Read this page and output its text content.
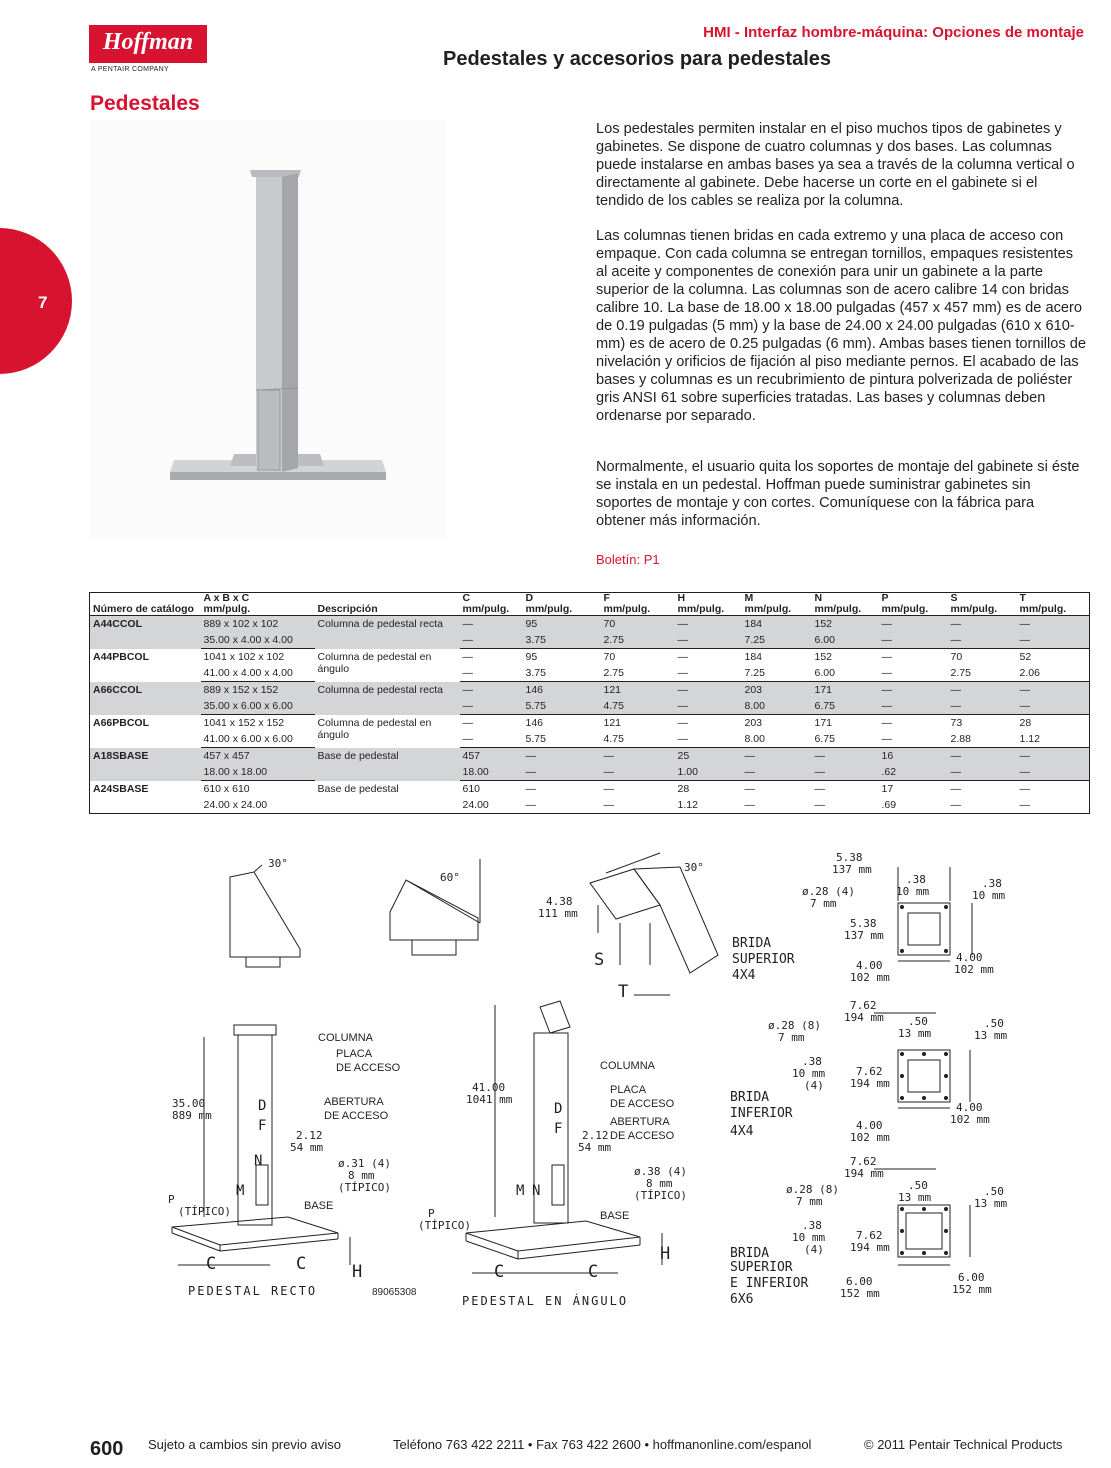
Hoffman
A PENTAIR COMPANY
HMI - Interfaz hombre-máquina: Opciones de montaje
Pedestales y accesorios para pedestales
Pedestales
7
Los pedestales permiten instalar en el piso muchos tipos de gabinetes y gabinetes. Se dispone de cuatro columnas y dos bases. Las columnas puede instalarse en ambas bases ya sea a través de la columna vertical o directamente al gabinete. Debe hacerse un corte en el gabinete si el tendido de los cables se realiza por la columna.
Las columnas tienen bridas en cada extremo y una placa de acceso con empaque. Con cada columna se entregan tornillos, empaques resistentes al aceite y componentes de conexión para unir un gabinete a la parte superior de la columna. Las columnas son de acero calibre 14 con bridas calibre 10. La base de 18.00 x 18.00 pulgadas (457 x 457 mm) es de acero de 0.19 pulgadas (5 mm) y la base de 24.00 x 24.00 pulgadas (610 x 610-mm) es de acero de 0.25 pulgadas (6 mm). Ambas bases tienen tornillos de nivelación y orificios de fijación al piso mediante pernos. El acabado de las bases y columnas es un recubrimiento de pintura polverizada de poliéster gris ANSI 61 sobre superficies tratadas. Las bases y columnas deben ordenarse por separado.
Normalmente, el usuario quita los soportes de montaje del gabinete si éste se instala en un pedestal. Hoffman puede suministrar gabinetes sin soportes de montaje y con cortes. Comuníquese con la fábrica para obtener más información.
Boletín: P1
	A x B x C		C	D	F	H	M	N	P	S	T
Número de catálogo	mm/pulg.	Descripción	mm/pulg.	mm/pulg.	mm/pulg.	mm/pulg.	mm/pulg.	mm/pulg.	mm/pulg.	mm/pulg.	mm/pulg.
A44CCOL	889 x 102 x 102	Columna de pedestal recta	—	95	70	—	184	152	—	—	—
	35.00 x 4.00 x 4.00		—	3.75	2.75	—	7.25	6.00	—	—	—
A44PBCOL	1041 x 102 x 102	Columna de pedestal en ángulo	—	95	70	—	184	152	—	70	52
	41.00 x 4.00 x 4.00		—	3.75	2.75	—	7.25	6.00	—	2.75	2.06
A66CCOL	889 x 152 x 152	Columna de pedestal recta	—	146	121	—	203	171	—	—	—
	35.00 x 6.00 x 6.00		—	5.75	4.75	—	8.00	6.75	—	—	—
A66PBCOL	1041 x 152 x 152	Columna de pedestal en ángulo	—	146	121	—	203	171	—	73	28
	41.00 x 6.00 x 6.00		—	5.75	4.75	—	8.00	6.75	—	2.88	1.12
A18SBASE	457 x 457	Base de pedestal	457	—	—	25	—	—	16	—	—
	18.00 x 18.00		18.00	—	—	1.00	—	—	.62	—	—
A24SBASE	610 x 610	Base de pedestal	610	—	—	28	—	—	17	—	—
	24.00 x 24.00		24.00	—	—	1.12	—	—	.69	—	—
30°
60°
30°
4.38
111 mm
S
T
BRIDA
SUPERIOR
4X4
BRIDA
INFERIOR
4X4
BRIDA
SUPERIOR
E INFERIOR
6X6
COLUMNA
PLACA
DE ACCESO
ABERTURA
DE ACCESO
35.00
889 mm
2.12
54 mm
ø.31 (4)
8 mm
(TÍPICO)
P
(TÍPICO)	BASE
M
N
D
F
C	C	H
PEDESTAL RECTO	89065308
COLUMNA
PLACA
DE ACCESO
ABERTURA
DE ACCESO
41.00
1041 mm
2.12
54 mm
ø.38 (4)
8 mm
(TÍPICO)
P
(TÍPICO)
BASE
M N
D
F
C	C
H
PEDESTAL EN ÁNGULO
5.38
137 mm
.38
10 mm
.38
10 mm
ø.28 (4)
7 mm
5.38
137 mm
4.00
102 mm
4.00
102 mm
7.62
194 mm
ø.28 (8)
7 mm
.50
13 mm
.50
13 mm
.38
10 mm
(4)
7.62
194 mm
4.00
102 mm
4.00
102 mm
7.62
194 mm
ø.28 (8)
7 mm
.50
13 mm	.50
13 mm
.38
10 mm
(4)
7.62
194 mm
6.00
152 mm
6.00
152 mm
600 Sujeto a cambios sin previo aviso	Teléfono 763 422 2211 • Fax 763 422 2600 • hoffmanonline.com/espanol	© 2011 Pentair Technical Products
